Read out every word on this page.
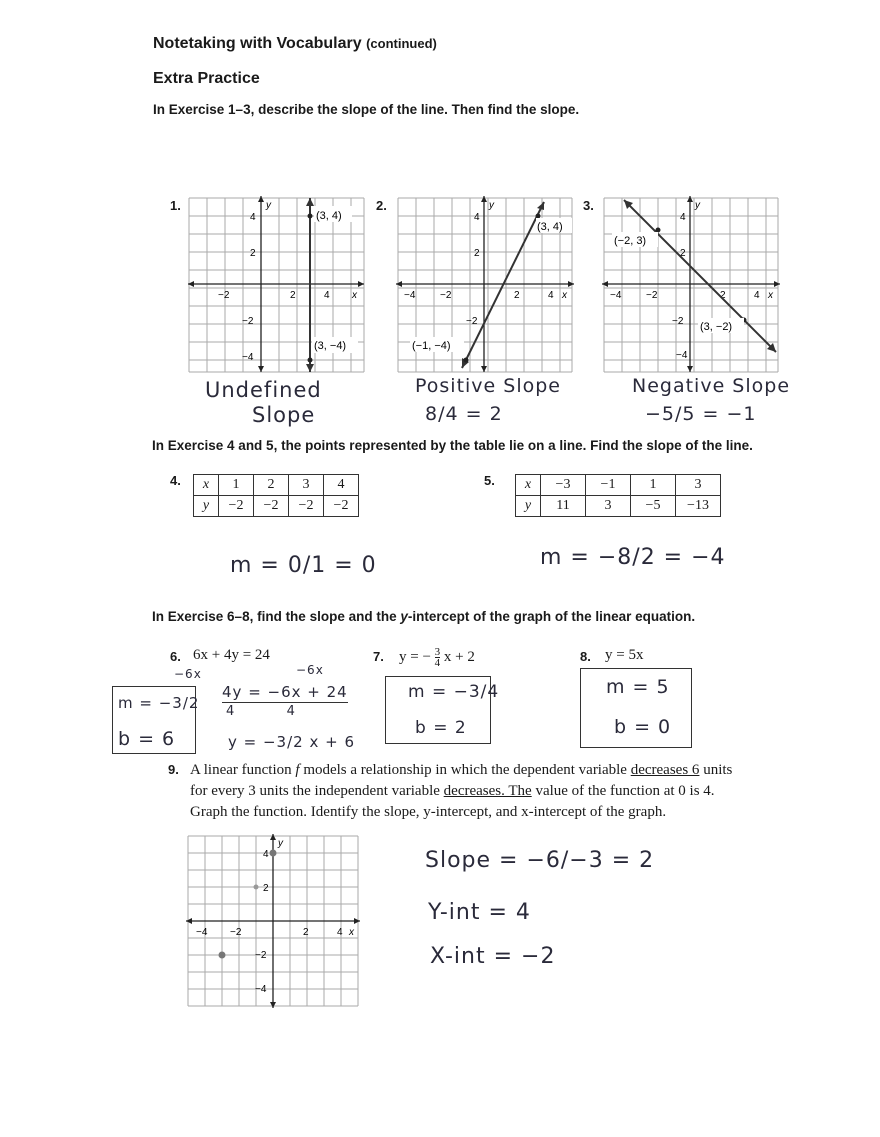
Notetaking with Vocabulary (continued)
Extra Practice
In Exercise 1–3, describe the slope of the line. Then find the slope.
1.	2.	3.
y
x
4
2
−2
−4
−2	2	4
(3, 4)
(3, −4)
y
x
4
2
−2
−4 −2	2	4
(3, 4)
(−1, −4)
y
x
4
2
−2
−4
−4 −2	2	4
(−2, 3)
(3, −2)
Undefined
Slope
Positive Slope
8/4 = 2
Negative Slope
−5/5 = −1
In Exercise 4 and 5, the points represented by the table lie on a line. Find the slope of the line.
4. x	1	2	3	4
y	−2	−2	−2	−2
5. x	−3	−1	1	3
y	11	3	−5	−13
m = 0/1 = 0	m = −8/2 = −4
In Exercise 6–8, find the slope and the y-intercept of the graph of the linear equation.
6. 6x + 4y = 24	7. y = − $\frac{3}{4}$ x + 2	8. y = 5x
−6x	−6x
4y = −6x + 24
4          4
y = −3/2 x + 6
m = −3/2
b = 6
m = −3/4
b = 2
m = 5
b = 0
9. A linear function f models a relationship in which the dependent variable decreases 6 units
for every 3 units the independent variable decreases. The value of the function at 0 is 4.
Graph the function. Identify the slope, y-intercept, and x-intercept of the graph.
y
x
4
2
−2
−4
−4 −2	2	4
Slope = −6/−3 = 2
Y-int = 4
X-int = −2
